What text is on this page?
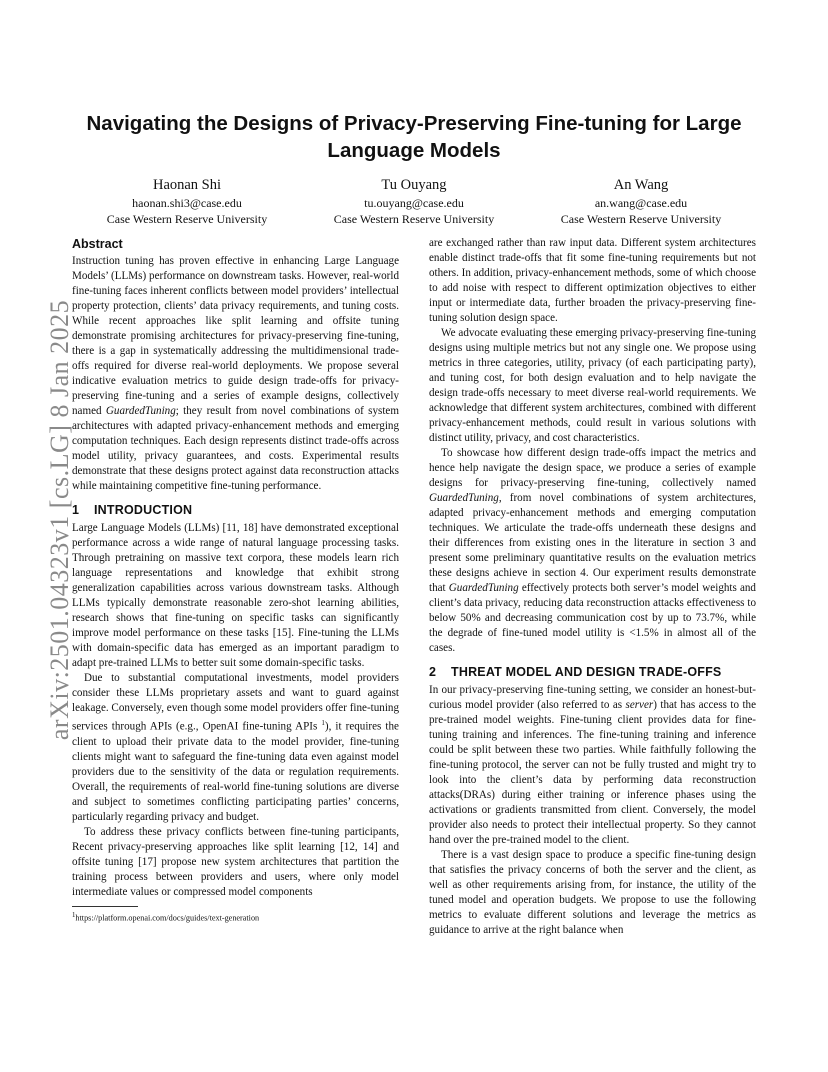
arXiv:2501.04323v1 [cs.LG] 8 Jan 2025
Navigating the Designs of Privacy-Preserving Fine-tuning for Large Language Models
Haonan Shi
haonan.shi3@case.edu
Case Western Reserve University
Tu Ouyang
tu.ouyang@case.edu
Case Western Reserve University
An Wang
an.wang@case.edu
Case Western Reserve University
Abstract

Instruction tuning has proven effective in enhancing Large Language Models’ (LLMs) performance on downstream tasks. However, real-world fine-tuning faces inherent conflicts between model providers’ intellectual property protection, clients’ data privacy requirements, and tuning costs. While recent approaches like split learning and offsite tuning demonstrate promising architectures for privacy-preserving fine-tuning, there is a gap in systematically addressing the multidimensional trade-offs required for diverse real-world deployments. We propose several indicative evaluation metrics to guide design trade-offs for privacy-preserving fine-tuning and a series of example designs, collectively named GuardedTuning; they result from novel combinations of system architectures with adapted privacy-enhancement methods and emerging computation techniques. Each design represents distinct trade-offs across model utility, privacy guarantees, and costs. Experimental results demonstrate that these designs protect against data reconstruction attacks while maintaining competitive fine-tuning performance.

1 INTRODUCTION

Large Language Models (LLMs) [11, 18] have demonstrated exceptional performance across a wide range of natural language processing tasks. Through pretraining on massive text corpora, these models learn rich language representations and knowledge that exhibit strong generalization capabilities across various downstream tasks. Although LLMs typically demonstrate reasonable zero-shot learning abilities, research shows that fine-tuning on specific tasks can significantly improve model performance on these tasks [15]. Fine-tuning the LLMs with domain-specific data has emerged as an important paradigm to adapt pre-trained LLMs to better suit some domain-specific tasks.

Due to substantial computational investments, model providers consider these LLMs proprietary assets and want to guard against leakage. Conversely, even though some model providers offer fine-tuning services through APIs (e.g., OpenAI fine-tuning APIs $^1$), it requires the client to upload their private data to the model provider, fine-tuning clients might want to safeguard the fine-tuning data even against model providers due to the sensitivity of the data or regulation requirements. Overall, the requirements of real-world fine-tuning solutions are diverse and subject to sometimes conflicting participating parties’ concerns, particularly regarding privacy and budget.

To address these privacy conflicts between fine-tuning participants, Recent privacy-preserving approaches like split learning [12, 14] and offsite tuning [17] propose new system architectures that partition the training process between providers and users, where only model intermediate values or compressed model components

$^1$https://platform.openai.com/docs/guides/text-generation

are exchanged rather than raw input data. Different system architectures enable distinct trade-offs that fit some fine-tuning requirements but not others. In addition, privacy-enhancement methods, some of which choose to add noise with respect to different optimization objectives to either input or intermediate data, further broaden the privacy-preserving fine-tuning solution design space.

We advocate evaluating these emerging privacy-preserving fine-tuning designs using multiple metrics but not any single one. We propose using metrics in three categories, utility, privacy (of each participating party), and tuning cost, for both design evaluation and to help navigate the design trade-offs necessary to meet diverse real-world requirements. We acknowledge that different system architectures, combined with different privacy-enhancement methods, could result in various solutions with distinct utility, privacy, and cost characteristics.

To showcase how different design trade-offs impact the metrics and hence help navigate the design space, we produce a series of example designs for privacy-preserving fine-tuning, collectively named GuardedTuning, from novel combinations of system architectures, adapted privacy-enhancement methods and emerging computation techniques. We articulate the trade-offs underneath these designs and their differences from existing ones in the literature in section 3 and present some preliminary quantitative results on the evaluation metrics these designs achieve in section 4. Our experiment results demonstrate that GuardedTuning effectively protects both server’s model weights and client’s data privacy, reducing data reconstruction attacks effectiveness to below 50% and decreasing communication cost by up to 73.7%, while the degrade of fine-tuned model utility is <1.5% in almost all of the cases.

2 THREAT MODEL AND DESIGN TRADE-OFFS

In our privacy-preserving fine-tuning setting, we consider an honest-but-curious model provider (also referred to as server) that has access to the pre-trained model weights. Fine-tuning client provides data for fine-tuning training and inferences. The fine-tuning training and inference could be split between these two parties. While faithfully following the fine-tuning protocol, the server can not be fully trusted and might try to look into the client’s data by performing data reconstruction attacks(DRAs) during either training or inference phases using the activations or gradients transmitted from client. Conversely, the model provider also needs to protect their intellectual property. So they cannot hand over the pre-trained model to the client.

There is a vast design space to produce a specific fine-tuning design that satisfies the privacy concerns of both the server and the client, as well as other requirements arising from, for instance, the utility of the tuned model and operation budgets. We propose to use the following metrics to evaluate different solutions and leverage the metrics as guidance to arrive at the right balance when
